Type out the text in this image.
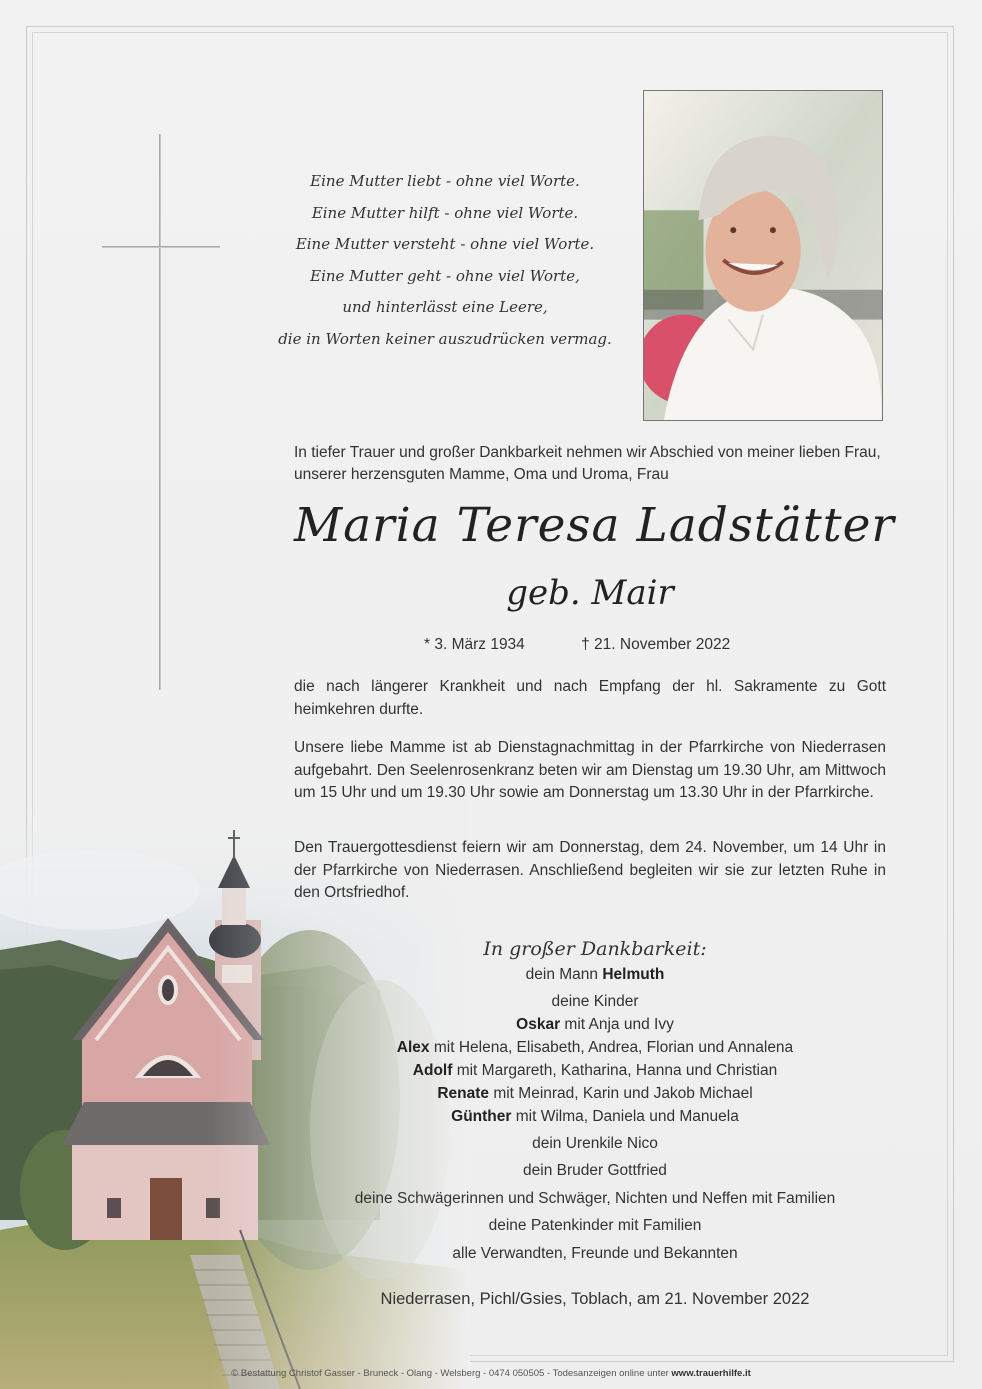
Eine Mutter liebt - ohne viel Worte.
Eine Mutter hilft - ohne viel Worte.
Eine Mutter versteht - ohne viel Worte.
Eine Mutter geht - ohne viel Worte,
und hinterlässt eine Leere,
die in Worten keiner auszudrücken vermag.
In tiefer Trauer und großer Dankbarkeit nehmen wir Abschied von meiner lieben Frau, unserer herzensguten Mamme, Oma und Uroma, Frau
Maria Teresa Ladstätter
geb. Mair
* 3. März 1934	† 21. November 2022
die nach längerer Krankheit und nach Empfang der hl. Sakramente zu Gott heimkehren durfte.
Unsere liebe Mamme ist ab Dienstagnachmittag in der Pfarrkirche von Niederrasen aufgebahrt. Den Seelenrosenkranz beten wir am Dienstag um 19.30 Uhr, am Mittwoch um 15 Uhr und um 19.30 Uhr sowie am Donnerstag um 13.30 Uhr in der Pfarrkirche.
Den Trauergottesdienst feiern wir am Donnerstag, dem 24. November, um 14 Uhr in der Pfarrkirche von Niederrasen. Anschließend begleiten wir sie zur letzten Ruhe in den Ortsfriedhof.
In großer Dankbarkeit:
dein Mann Helmuth
deine Kinder
Oskar mit Anja und Ivy
Alex mit Helena, Elisabeth, Andrea, Florian und Annalena
Adolf mit Margareth, Katharina, Hanna und Christian
Renate mit Meinrad, Karin und Jakob Michael
Günther mit Wilma, Daniela und Manuela
dein Urenkile Nico
dein Bruder Gottfried
deine Schwägerinnen und Schwäger, Nichten und Neffen mit Familien
deine Patenkinder mit Familien
alle Verwandten, Freunde und Bekannten
Niederrasen, Pichl/Gsies, Toblach, am 21. November 2022
© Bestattung Christof Gasser - Bruneck - Olang - Welsberg - 0474 050505 - Todesanzeigen online unter www.trauerhilfe.it
